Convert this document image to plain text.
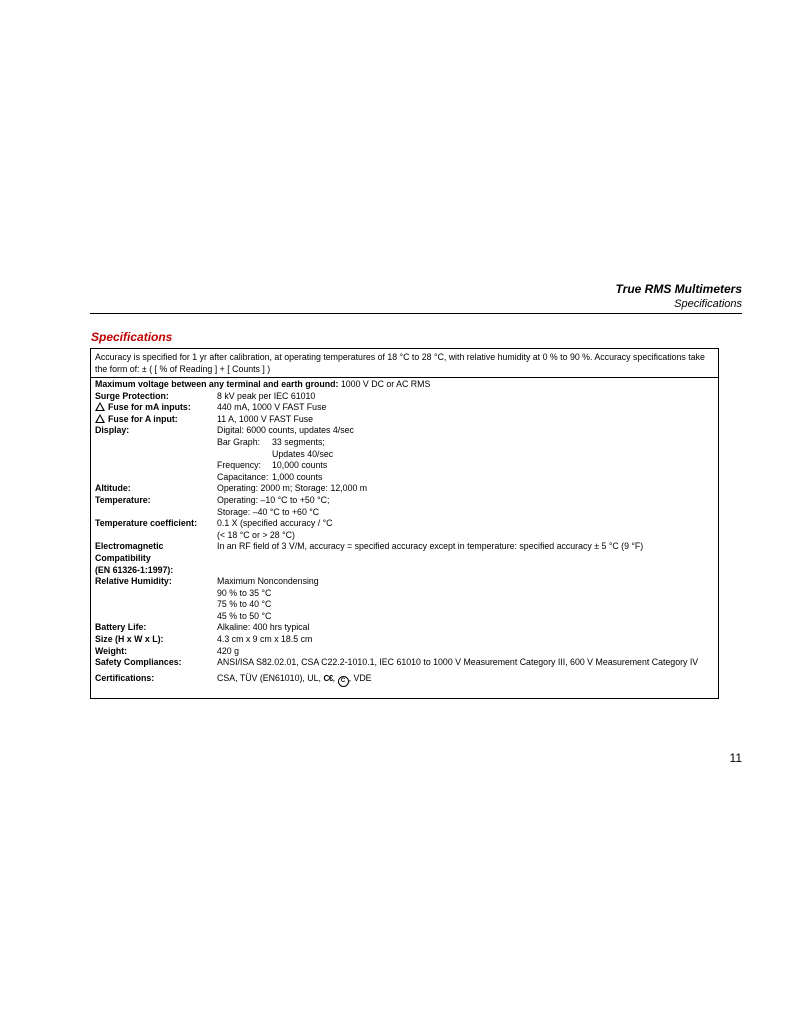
True RMS Multimeters
Specifications
Specifications
Accuracy is specified for 1 yr after calibration, at operating temperatures of 18 °C to 28 °C, with relative humidity at 0 % to 90 %. Accuracy specifications take the form of: ± ( [ % of Reading ] + [ Counts ] )
Maximum voltage between any terminal and earth ground: 1000 V DC or AC RMS
Surge Protection:	8 kV peak per IEC 61010
Fuse for mA inputs:	440 mA, 1000 V FAST Fuse
Fuse for A input:	11 A, 1000 V FAST Fuse
Display:	Digital: 6000 counts, updates 4/sec
Bar Graph:	33 segments;
Updates 40/sec
Frequency:	10,000 counts
Capacitance: 1,000 counts
Altitude:	Operating: 2000 m; Storage: 12,000 m
Temperature:	Operating: –10 °C to +50 °C;
Storage: –40 °C to +60 °C
Temperature coefficient:	0.1 X (specified accuracy / °C
(< 18 °C or > 28 °C)
Electromagnetic
Compatibility
(EN 61326-1:1997):
In an RF field of 3 V/M, accuracy = specified accuracy except in temperature: specified accuracy ± 5 °C (9 °F)
Relative Humidity:	Maximum Noncondensing
90 % to 35 °C
75 % to 40 °C
45 % to 50 °C
Battery Life:	Alkaline: 400 hrs typical
Size (H x W x L):	4.3 cm x 9 cm x 18.5 cm
Weight:	420 g
Safety Compliances:	ANSI/ISA S82.02.01, CSA C22.2-1010.1, IEC 61010 to 1000 V Measurement Category III, 600 V Measurement Category IV
Certifications:	CSA, TÜV (EN61010), UL, C€, C , VDE
11
